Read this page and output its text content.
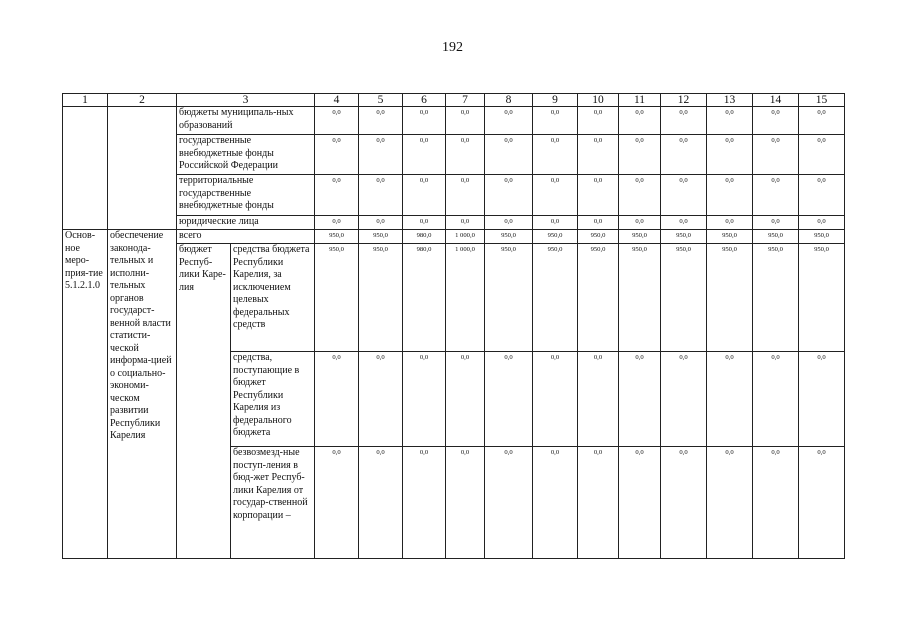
192
1	2	3		4	5	6	7	8	9	10	11	12	13	14	15
		бюджеты муниципаль-ных образований		0,0	0,0	0,0	0,0	0,0	0,0	0,0	0,0	0,0	0,0	0,0	0,0
		государственные внебюджетные фонды Российской Федерации		0,0	0,0	0,0	0,0	0,0	0,0	0,0	0,0	0,0	0,0	0,0	0,0
		территориальные государственные внебюджетные фонды		0,0	0,0	0,0	0,0	0,0	0,0	0,0	0,0	0,0	0,0	0,0	0,0
		юридические лица		0,0	0,0	0,0	0,0	0,0	0,0	0,0	0,0	0,0	0,0	0,0	0,0
Основ-ное меро-прия-тие 5.1.2.1.0	обеспечение законода-тельных и исполни-тельных органов государст-венной власти статисти-ческой информа-цией о социально-экономи-ческом развитии Республики Карелия	всего		950,0	950,0	980,0	1 000,0	950,0	950,0	950,0	950,0	950,0	950,0	950,0	950,0
		бюджет Респуб-лики Каре-лия	средства бюджета Республики Карелия, за исключением целевых федеральных средств	950,0	950,0	980,0	1 000,0	950,0	950,0	950,0	950,0	950,0	950,0	950,0	950,0
			средства, поступающие в бюджет Республики Карелия из федерального бюджета	0,0	0,0	0,0	0,0	0,0	0,0	0,0	0,0	0,0	0,0	0,0	0,0
			безвозмезд-ные поступ-ления в бюд-жет Респуб-лики Карелия от государ-ственной корпорации –	0,0	0,0	0,0	0,0	0,0	0,0	0,0	0,0	0,0	0,0	0,0	0,0
